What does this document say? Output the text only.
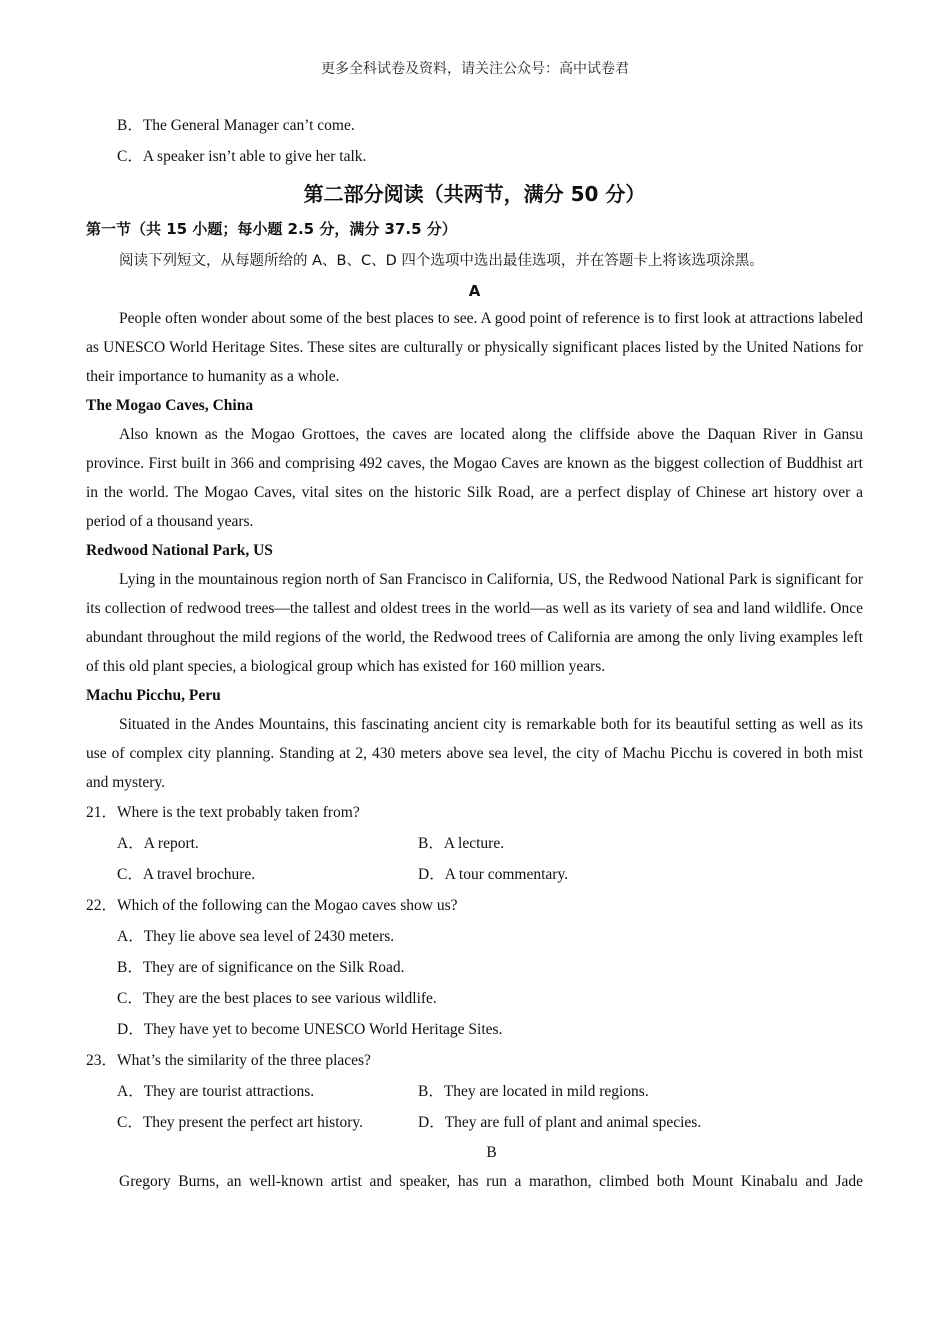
更多全科试卷及资料，请关注公众号：高中试卷君
B．The General Manager can’t come.
C．A speaker isn’t able to give her talk.
第二部分阅读（共两节，满分 50 分）
第一节（共 15 小题；每小题 2.5 分，满分 37.5 分）
阅读下列短文，从每题所给的 A、B、C、D 四个选项中选出最佳选项，并在答题卡上将该选项涂黑。
A
People often wonder about some of the best places to see. A good point of reference is to first look at attractions labeled as UNESCO World Heritage Sites. These sites are culturally or physically significant places listed by the United Nations for their importance to humanity as a whole.
The Mogao Caves, China
Also known as the Mogao Grottoes, the caves are located along the cliffside above the Daquan River in Gansu province. First built in 366 and comprising 492 caves, the Mogao Caves are known as the biggest collection of Buddhist art in the world. The Mogao Caves, vital sites on the historic Silk Road, are a perfect display of Chinese art history over a period of a thousand years.
Redwood National Park, US
Lying in the mountainous region north of San Francisco in California, US, the Redwood National Park is significant for its collection of redwood trees—the tallest and oldest trees in the world—as well as its variety of sea and land wildlife. Once abundant throughout the mild regions of the world, the Redwood trees of California are among the only living examples left of this old plant species, a biological group which has existed for 160 million years.
Machu Picchu, Peru
Situated in the Andes Mountains, this fascinating ancient city is remarkable both for its beautiful setting as well as its use of complex city planning. Standing at 2, 430 meters above sea level, the city of Machu Picchu is covered in both mist and mystery.
21．Where is the text probably taken from?
A．A report.	B．A lecture.
C．A travel brochure.	D．A tour commentary.
22．Which of the following can the Mogao caves show us?
A．They lie above sea level of 2430 meters.
B．They are of significance on the Silk Road.
C．They are the best places to see various wildlife.
D．They have yet to become UNESCO World Heritage Sites.
23．What’s the similarity of the three places?
A．They are tourist attractions.	B．They are located in mild regions.
C．They present the perfect art history.	D．They are full of plant and animal species.
B
Gregory Burns, an well-known artist and speaker, has run a marathon, climbed both Mount Kinabalu and Jade
